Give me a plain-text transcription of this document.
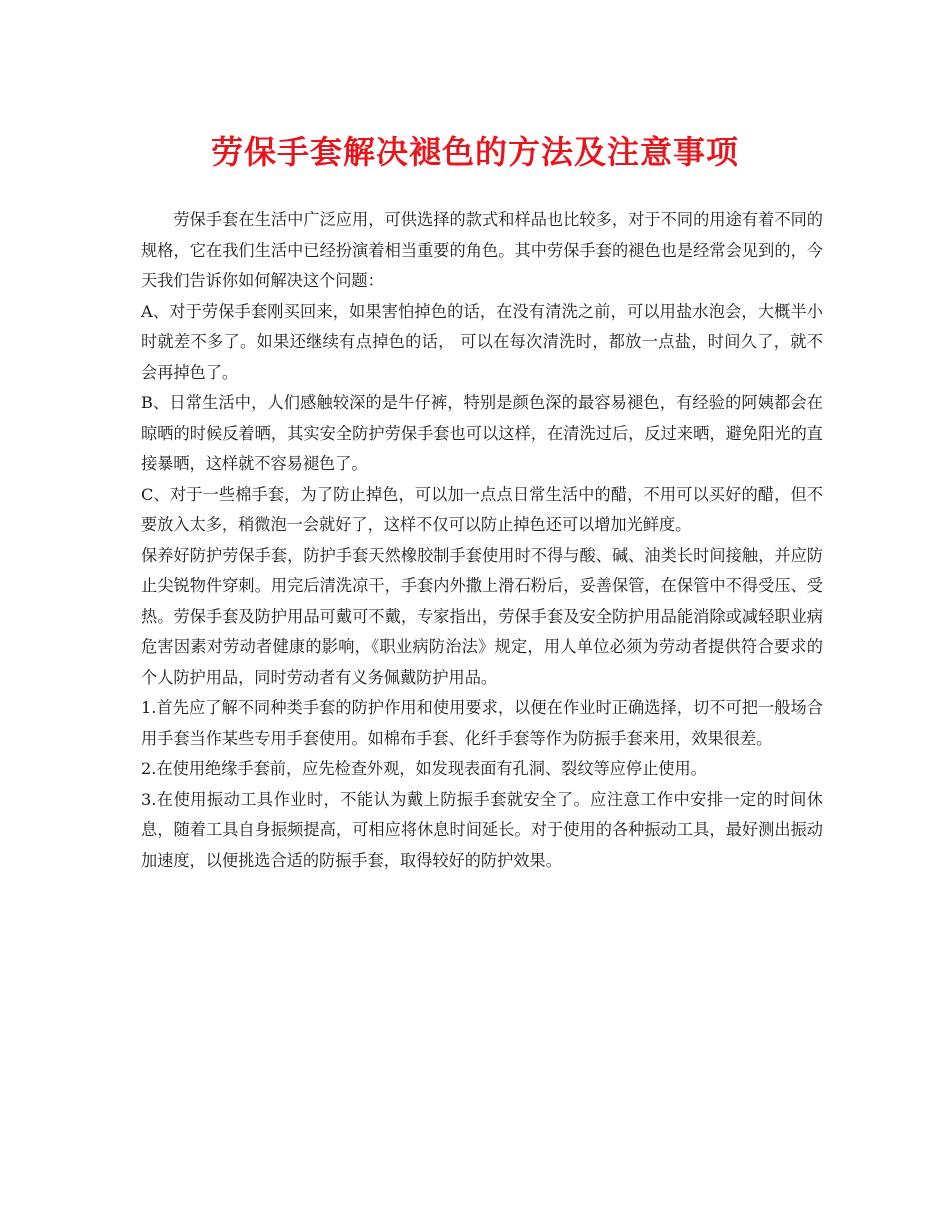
劳保手套解决褪色的方法及注意事项

劳保手套在生活中广泛应用，可供选择的款式和样品也比较多，对于不同的用途有着不同的规格，它在我们生活中已经扮演着相当重要的角色。其中劳保手套的褪色也是经常会见到的，今天我们告诉你如何解决这个问题：

A、对于劳保手套刚买回来，如果害怕掉色的话，在没有清洗之前，可以用盐水泡会，大概半小时就差不多了。如果还继续有点掉色的话， 可以在每次清洗时，都放一点盐，时间久了，就不会再掉色了。

B、日常生活中，人们感触较深的是牛仔裤，特别是颜色深的最容易褪色，有经验的阿姨都会在晾晒的时候反着晒，其实安全防护劳保手套也可以这样，在清洗过后，反过来晒，避免阳光的直接暴晒，这样就不容易褪色了。

C、对于一些棉手套，为了防止掉色，可以加一点点日常生活中的醋，不用可以买好的醋，但不要放入太多，稍微泡一会就好了，这样不仅可以防止掉色还可以增加光鲜度。

保养好防护劳保手套，防护手套天然橡胶制手套使用时不得与酸、碱、油类长时间接触，并应防止尖锐物件穿刺。用完后清洗凉干，手套内外撒上滑石粉后，妥善保管，在保管中不得受压、受热。劳保手套及防护用品可戴可不戴，专家指出，劳保手套及安全防护用品能消除或减轻职业病危害因素对劳动者健康的影响，《职业病防治法》规定，用人单位必须为劳动者提供符合要求的个人防护用品，同时劳动者有义务佩戴防护用品。

1.首先应了解不同种类手套的防护作用和使用要求，以便在作业时正确选择，切不可把一般场合用手套当作某些专用手套使用。如棉布手套、化纤手套等作为防振手套来用，效果很差。

2.在使用绝缘手套前，应先检查外观，如发现表面有孔洞、裂纹等应停止使用。

3.在使用振动工具作业时，不能认为戴上防振手套就安全了。应注意工作中安排一定的时间休息，随着工具自身振频提高，可相应将休息时间延长。对于使用的各种振动工具，最好测出振动加速度，以便挑选合适的防振手套，取得较好的防护效果。
